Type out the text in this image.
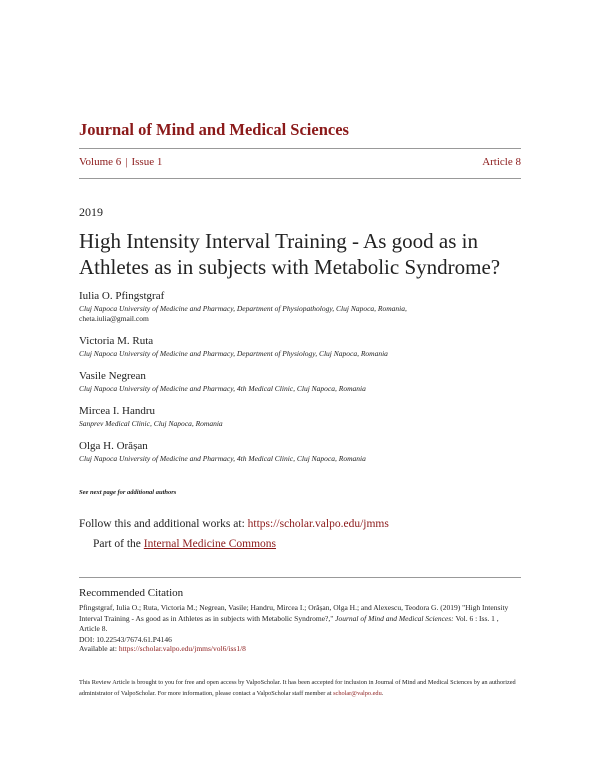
Journal of Mind and Medical Sciences
Volume 6 | Issue 1	Article 8
2019
High Intensity Interval Training - As good as in
Athletes as in subjects with Metabolic Syndrome?
Iulia O. Pfingstgraf
Cluj Napoca University of Medicine and Pharmacy, Department of Physiopathology, Cluj Napoca, Romania,
cheta.iulia@gmail.com
Victoria M. Ruta
Cluj Napoca University of Medicine and Pharmacy, Department of Physiology, Cluj Napoca, Romania
Vasile Negrean
Cluj Napoca University of Medicine and Pharmacy, 4th Medical Clinic, Cluj Napoca, Romania
Mircea I. Handru
Sanprev Medical Clinic, Cluj Napoca, Romania
Olga H. Orășan
Cluj Napoca University of Medicine and Pharmacy, 4th Medical Clinic, Cluj Napoca, Romania
See next page for additional authors
Follow this and additional works at: https://scholar.valpo.edu/jmms
Part of the Internal Medicine Commons
Recommended Citation
Pfingstgraf, Iulia O.; Ruta, Victoria M.; Negrean, Vasile; Handru, Mircea I.; Orășan, Olga H.; and Alexescu, Teodora G. (2019) "High Intensity Interval Training - As good as in Athletes as in subjects with Metabolic Syndrome?," Journal of Mind and Medical Sciences: Vol. 6 : Iss. 1 , Article 8.
DOI: 10.22543/7674.61.P4146
Available at: https://scholar.valpo.edu/jmms/vol6/iss1/8
This Review Article is brought to you for free and open access by ValpoScholar. It has been accepted for inclusion in Journal of Mind and Medical Sciences by an authorized administrator of ValpoScholar. For more information, please contact a ValpoScholar staff member at scholar@valpo.edu.
